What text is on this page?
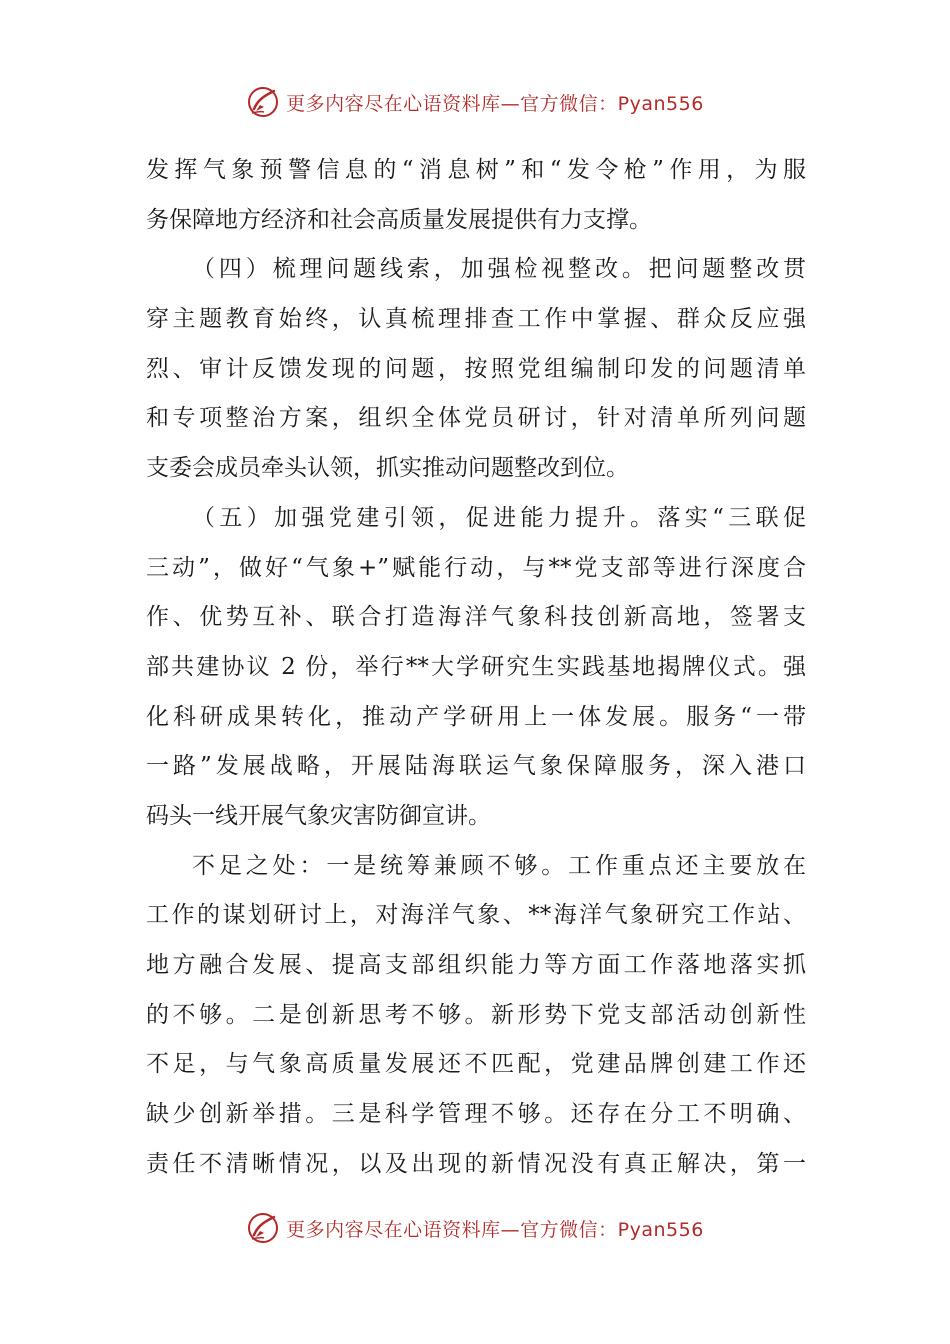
更多内容尽在心语资料库—官方微信：Pyan556
发挥气象预警信息的“消息树”和“发令枪”作用，为服
务保障地方经济和社会高质量发展提供有力支撑。
（四）梳理问题线索，加强检视整改。把问题整改贯
穿主题教育始终，认真梳理排查工作中掌握、群众反应强
烈、审计反馈发现的问题，按照党组编制印发的问题清单
和专项整治方案，组织全体党员研讨，针对清单所列问题
支委会成员牵头认领，抓实推动问题整改到位。
（五）加强党建引领，促进能力提升。落实“三联促
三动”，做好“气象+”赋能行动，与**党支部等进行深度合
作、优势互补、联合打造海洋气象科技创新高地，签署支
部共建协议 2 份，举行**大学研究生实践基地揭牌仪式。强
化科研成果转化，推动产学研用上一体发展。服务“一带
一路”发展战略，开展陆海联运气象保障服务，深入港口
码头一线开展气象灾害防御宣讲。
不足之处：一是统筹兼顾不够。工作重点还主要放在
工作的谋划研讨上，对海洋气象、**海洋气象研究工作站、
地方融合发展、提高支部组织能力等方面工作落地落实抓
的不够。二是创新思考不够。新形势下党支部活动创新性
不足，与气象高质量发展还不匹配，党建品牌创建工作还
缺少创新举措。三是科学管理不够。还存在分工不明确、
责任不清晰情况，以及出现的新情况没有真正解决，第一
更多内容尽在心语资料库—官方微信：Pyan556
